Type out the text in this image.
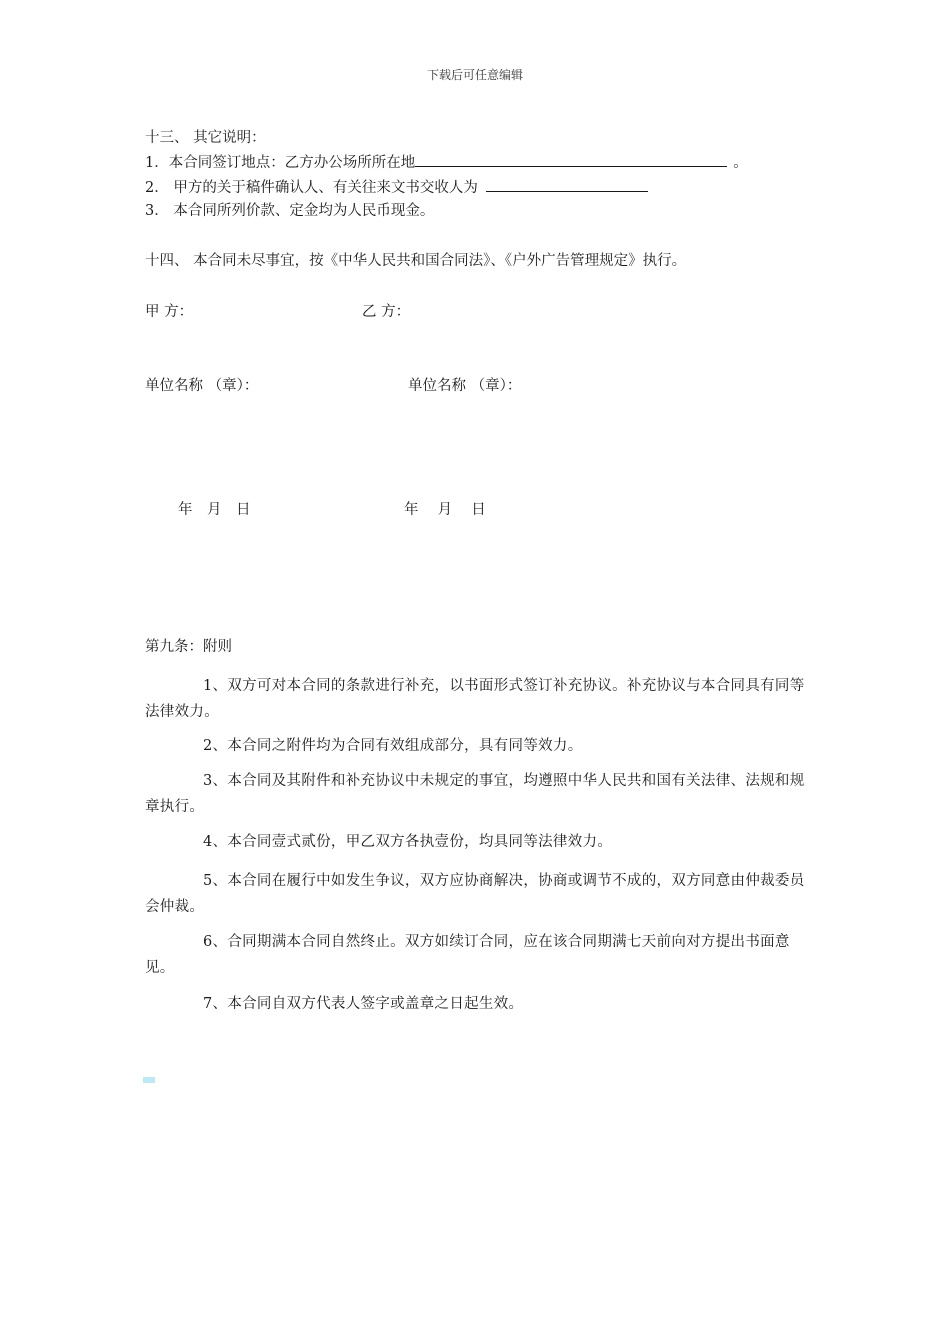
下载后可任意编辑
十三、 其它说明：
1．本合同签订地点：乙方办公场所所在地	。
2． 甲方的关于稿件确认人、有关往来文书交收人为
3． 本合同所列价款、定金均为人民币现金。
十四、 本合同未尽事宜，按《中华人民共和国合同法》、《户外广告管理规定》执行。
甲 方：	乙 方：
单位名称 （章）：	单位名称 （章）：
年　月　日	年　 月　 日
第九条：附则
1、双方可对本合同的条款进行补充，以书面形式签订补充协议。补充协议与本合同具有同等法律效力。
2、本合同之附件均为合同有效组成部分，具有同等效力。
3、本合同及其附件和补充协议中未规定的事宜，均遵照中华人民共和国有关法律、法规和规章执行。
4、本合同壹式贰份，甲乙双方各执壹份，均具同等法律效力。
5、本合同在履行中如发生争议，双方应协商解决，协商或调节不成的，双方同意由仲裁委员会仲裁。
6、合同期满本合同自然终止。双方如续订合同，应在该合同期满七天前向对方提出书面意见。
7、本合同自双方代表人签字或盖章之日起生效。
